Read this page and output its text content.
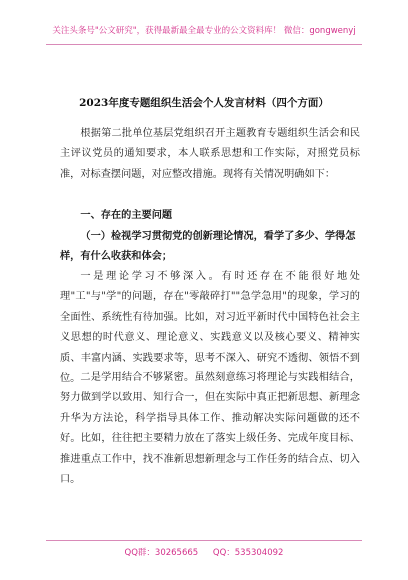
关注头条号"公文研究"，获得最新最全最专业的公文资料库！ 微信：gongwenyj
2023年度专题组织生活会个人发言材料（四个方面）
根据第二批单位基层党组织召开主题教育专题组织生活会和民主评议党员的通知要求，本人联系思想和工作实际，对照党员标准，对标查摆问题，对应整改措施。现将有关情况明确如下：
一、存在的主要问题
（一）检视学习贯彻党的创新理论情况，看学了多少、学得怎样，有什么收获和体会；
一是理论学习不够深入。有时还存在不能很好地处理"工"与"学"的问题，存在"零敲碎打""急学急用"的现象，学习的全面性、系统性有待加强。比如，对习近平新时代中国特色社会主义思想的时代意义、理论意义、实践意义以及核心要义、精神实质、丰富内涵、实践要求等，思考不深入、研究不透彻、领悟不到位。 二是学用结合不够紧密。虽然刻意练习将理论与实践相结合，努力做到学以致用、知行合一，但在实际中真正把新思想、新理念升华为方法论，科学指导具体工作、推动解决实际问题做的还不好。比如，往往把主要精力放在了落实上级任务、完成年度目标、推进重点工作中，找不准新思想新理念与工作任务的结合点、切入口。
QQ群：30265665 QQ：535304092
